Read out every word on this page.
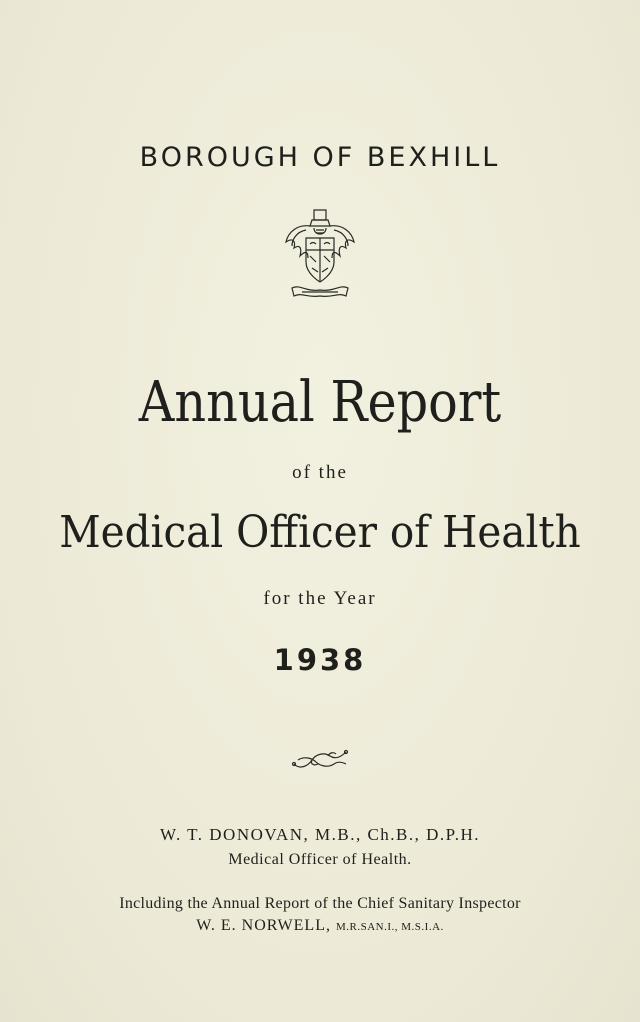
BOROUGH OF BEXHILL
Annual Report
of the
Medical Officer of Health
for the Year
1938
W. T. DONOVAN, M.B., Ch.B., D.P.H.
Medical Officer of Health.
Including the Annual Report of the Chief Sanitary Inspector
W. E. NORWELL, M.R.SAN.I., M.S.I.A.
